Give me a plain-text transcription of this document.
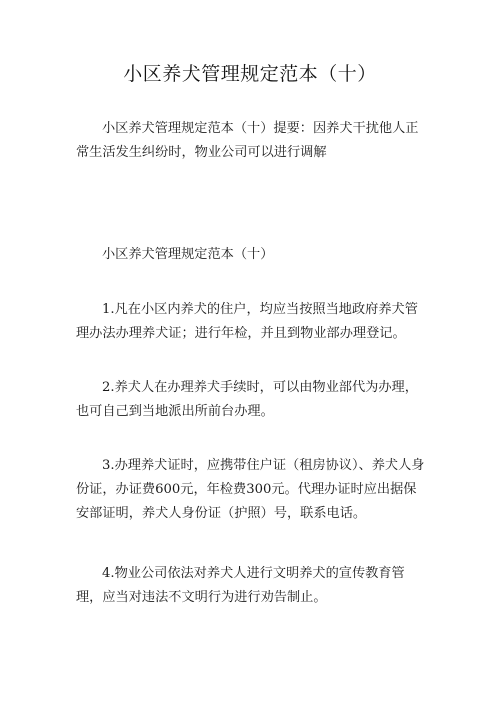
小区养犬管理规定范本（十）

小区养犬管理规定范本（十）提要：因养犬干扰他人正常生活发生纠纷时，物业公司可以进行调解

小区养犬管理规定范本（十）

1.凡在小区内养犬的住户，均应当按照当地政府养犬管理办法办理养犬证；进行年检，并且到物业部办理登记。

2.养犬人在办理养犬手续时，可以由物业部代为办理，也可自己到当地派出所前台办理。

3.办理养犬证时，应携带住户证（租房协议）、养犬人身份证，办证费600元，年检费300元。代理办证时应出据保安部证明，养犬人身份证（护照）号，联系电话。

4.物业公司依法对养犬人进行文明养犬的宣传教育管理，应当对违法不文明行为进行劝告制止。
